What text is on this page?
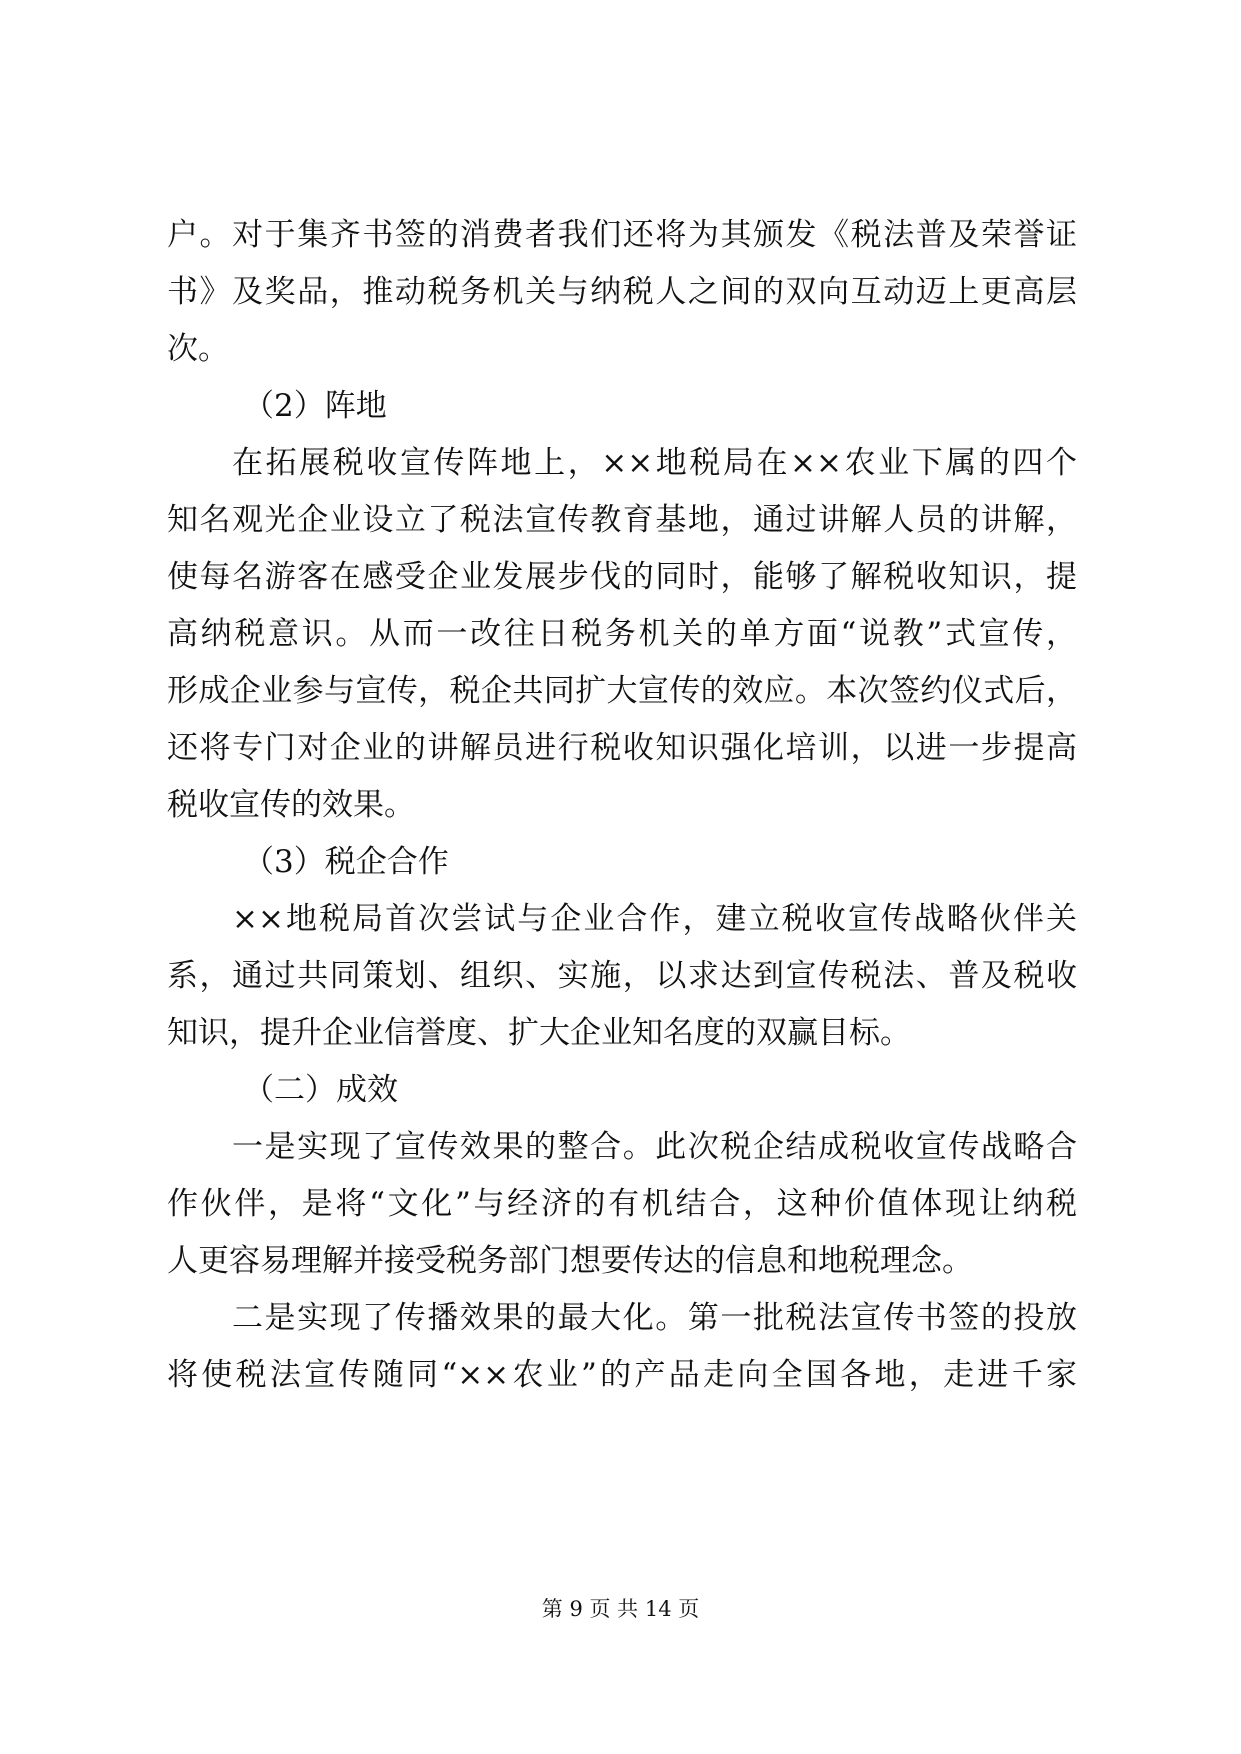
户。对于集齐书签的消费者我们还将为其颁发《税法普及荣誉证
书》及奖品，推动税务机关与纳税人之间的双向互动迈上更高层
次。
（2）阵地
在拓展税收宣传阵地上，××地税局在××农业下属的四个
知名观光企业设立了税法宣传教育基地，通过讲解人员的讲解，
使每名游客在感受企业发展步伐的同时，能够了解税收知识，提
高纳税意识。从而一改往日税务机关的单方面“说教”式宣传，
形成企业参与宣传，税企共同扩大宣传的效应。本次签约仪式后，
还将专门对企业的讲解员进行税收知识强化培训，以进一步提高
税收宣传的效果。
（3）税企合作
××地税局首次尝试与企业合作，建立税收宣传战略伙伴关
系，通过共同策划、组织、实施，以求达到宣传税法、普及税收
知识，提升企业信誉度、扩大企业知名度的双赢目标。
（二）成效
一是实现了宣传效果的整合。此次税企结成税收宣传战略合
作伙伴，是将“文化”与经济的有机结合，这种价值体现让纳税
人更容易理解并接受税务部门想要传达的信息和地税理念。
二是实现了传播效果的最大化。第一批税法宣传书签的投放
将使税法宣传随同“××农业”的产品走向全国各地，走进千家
第 9 页 共 14 页
